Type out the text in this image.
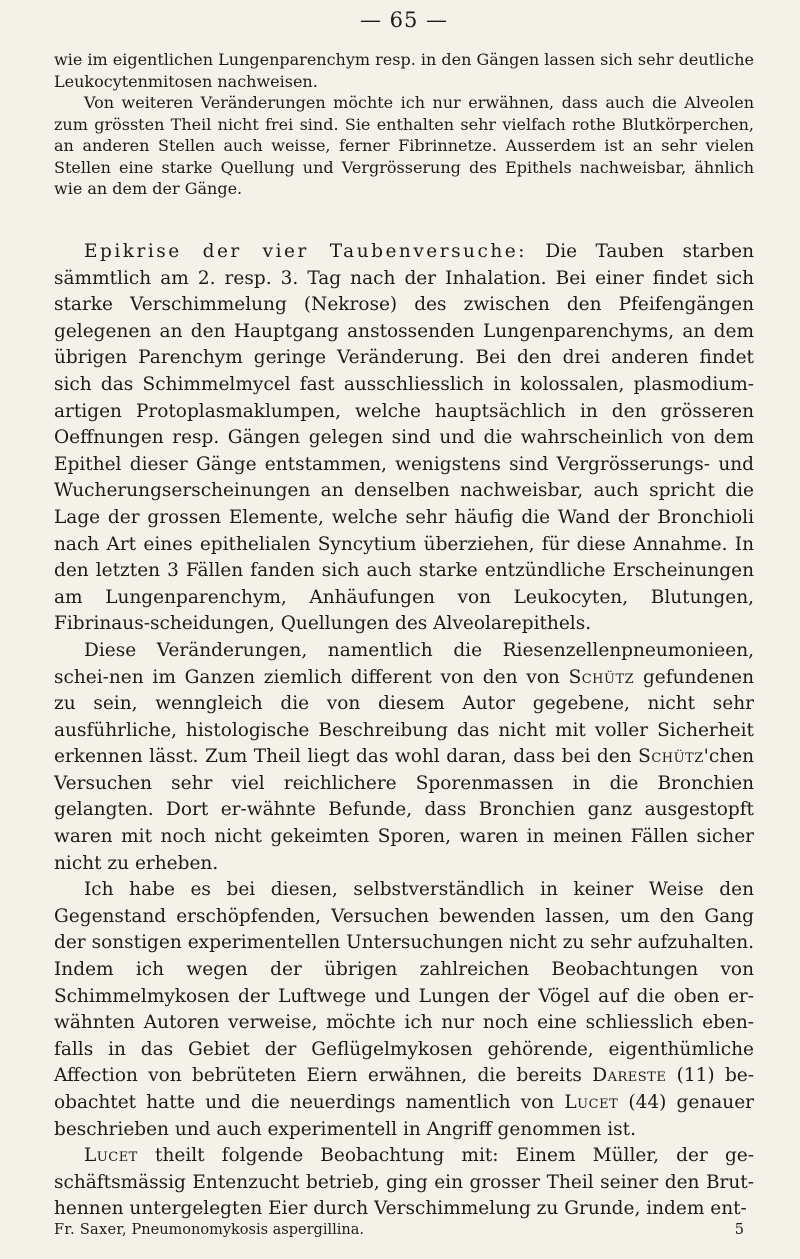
— 65 —

wie im eigentlichen Lungenparenchym resp. in den Gängen lassen sich sehr deutliche Leukocytenmitosen nachweisen.

Von weiteren Veränderungen möchte ich nur erwähnen, dass auch die Alveolen zum grössten Theil nicht frei sind. Sie enthalten sehr vielfach rothe Blutkörperchen, an anderen Stellen auch weisse, ferner Fibrinnetze. Ausserdem ist an sehr vielen Stellen eine starke Quellung und Vergrösserung des Epithels nachweisbar, ähnlich wie an dem der Gänge.

Epikrise der vier Taubenversuche: Die Tauben starben sämmtlich am 2. resp. 3. Tag nach der Inhalation. Bei einer findet sich starke Verschimmelung (Nekrose) des zwischen den Pfeifengängen gelegenen an den Hauptgang anstossenden Lungenparenchyms, an dem übrigen Parenchym geringe Veränderung. Bei den drei anderen findet sich das Schimmelmycel fast ausschliesslich in kolossalen, plasmodium-artigen Protoplasmaklumpen, welche hauptsächlich in den grösseren Oeffnungen resp. Gängen gelegen sind und die wahrscheinlich von dem Epithel dieser Gänge entstammen, wenigstens sind Vergrösserungs- und Wucherungserscheinungen an denselben nachweisbar, auch spricht die Lage der grossen Elemente, welche sehr häufig die Wand der Bronchioli nach Art eines epithelialen Syncytium überziehen, für diese Annahme. In den letzten 3 Fällen fanden sich auch starke entzündliche Erscheinungen am Lungenparenchym, Anhäufungen von Leukocyten, Blutungen, Fibrinaus-scheidungen, Quellungen des Alveolarepithels.

Diese Veränderungen, namentlich die Riesenzellenpneumonieen, schei-nen im Ganzen ziemlich different von den von Schütz gefundenen zu sein, wenngleich die von diesem Autor gegebene, nicht sehr ausführliche, histologische Beschreibung das nicht mit voller Sicherheit erkennen lässt. Zum Theil liegt das wohl daran, dass bei den Schütz'chen Versuchen sehr viel reichlichere Sporenmassen in die Bronchien gelangten. Dort er-wähnte Befunde, dass Bronchien ganz ausgestopft waren mit noch nicht gekeimten Sporen, waren in meinen Fällen sicher nicht zu erheben.

Ich habe es bei diesen, selbstverständlich in keiner Weise den Gegenstand erschöpfenden, Versuchen bewenden lassen, um den Gang der sonstigen experimentellen Untersuchungen nicht zu sehr aufzuhalten. Indem ich wegen der übrigen zahlreichen Beobachtungen von Schimmelmykosen der Luftwege und Lungen der Vögel auf die oben er-wähnten Autoren verweise, möchte ich nur noch eine schliesslich eben-falls in das Gebiet der Geflügelmykosen gehörende, eigenthümliche Affection von bebrüteten Eiern erwähnen, die bereits Dareste (11) be-obachtet hatte und die neuerdings namentlich von Lucet (44) genauer beschrieben und auch experimentell in Angriff genommen ist.

Lucet theilt folgende Beobachtung mit: Einem Müller, der ge-schäftsmässig Entenzucht betrieb, ging ein grosser Theil seiner den Brut-hennen untergelegten Eier durch Verschimmelung zu Grunde, indem ent-

Fr. Saxer, Pneumonomykosis aspergillina.	5
